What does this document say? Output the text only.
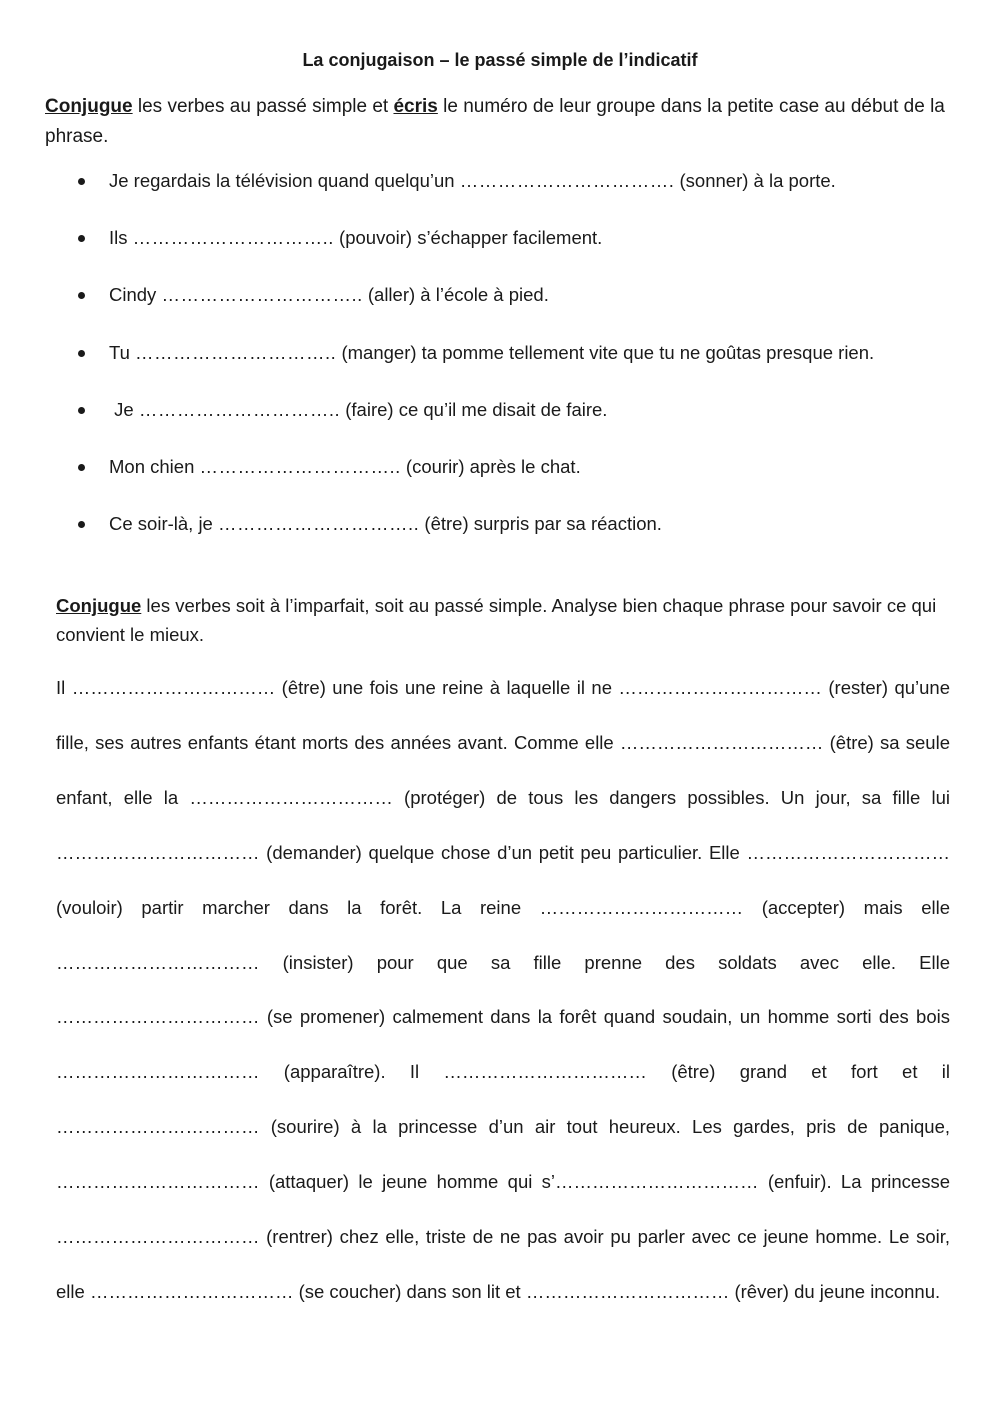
La conjugaison – le passé simple de l’indicatif
Conjugue les verbes au passé simple et écris le numéro de leur groupe dans la petite case au début de la phrase.
Je regardais la télévision quand quelqu’un ……………………………. (sonner) à la porte.
Ils ………………………….. (pouvoir) s’échapper facilement.
Cindy ………………………….. (aller) à l’école à pied.
Tu ………………………….. (manger) ta pomme tellement vite que tu ne goûtas presque rien.
Je ………………………….. (faire) ce qu’il me disait de faire.
Mon chien ………………………….. (courir) après le chat.
Ce soir-là, je ………………………….. (être) surpris par sa réaction.
Conjugue les verbes soit à l’imparfait, soit au passé simple. Analyse bien chaque phrase pour savoir ce qui convient le mieux.
Il …………………………… (être) une fois une reine à laquelle il ne …………………………… (rester) qu’une fille, ses autres enfants étant morts des années avant. Comme elle …………………………… (être) sa seule enfant, elle la …………………………… (protéger) de tous les dangers possibles. Un jour, sa fille lui …………………………… (demander) quelque chose d’un petit peu particulier. Elle …………………………… (vouloir) partir marcher dans la forêt. La reine …………………………… (accepter) mais elle …………………………… (insister) pour que sa fille prenne des soldats avec elle. Elle …………………………… (se promener) calmement dans la forêt quand soudain, un homme sorti des bois …………………………… (apparaître). Il …………………………… (être) grand et fort et il …………………………… (sourire) à la princesse d’un air tout heureux. Les gardes, pris de panique, …………………………… (attaquer) le jeune homme qui s’…………………………… (enfuir). La princesse …………………………… (rentrer) chez elle, triste de ne pas avoir pu parler avec ce jeune homme. Le soir, elle …………………………… (se coucher) dans son lit et …………………………… (rêver) du jeune inconnu.
